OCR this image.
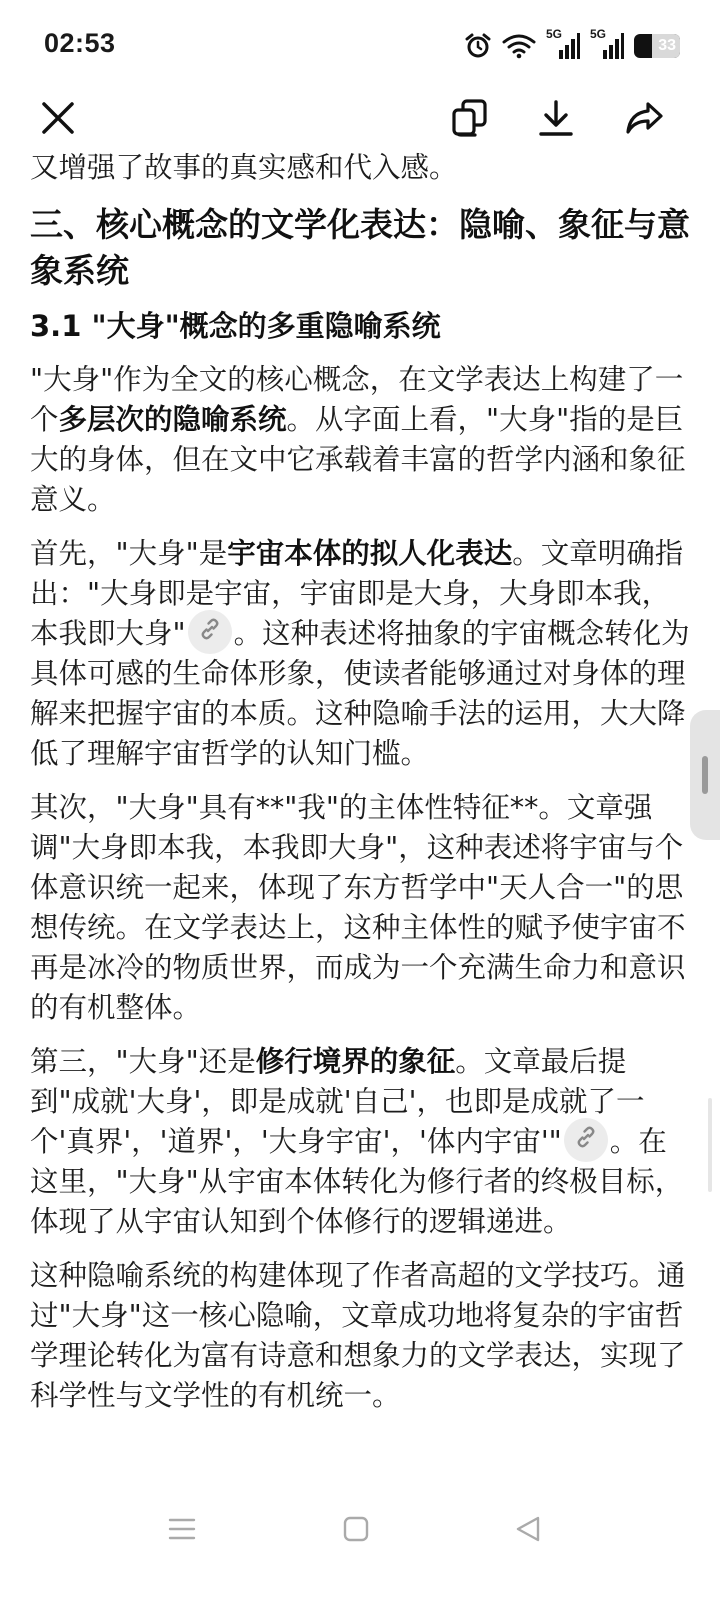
02:53	5G 5G
33

又增强了故事的真实感和代入感。

三、核心概念的文学化表达：隐喻、象征与意象系统
3.1 "大身"概念的多重隐喻系统

"大身"作为全文的核心概念，在文学表达上构建了一个多层次的隐喻系统。从字面上看，"大身"指的是巨大的身体，但在文中它承载着丰富的哲学内涵和象征意义。

首先，"大身"是宇宙本体的拟人化表达。文章明确指出："大身即是宇宙，宇宙即是大身，大身即本我，本我即大身" 。这种表述将抽象的宇宙概念转化为具体可感的生命体形象，使读者能够通过对身体的理解来把握宇宙的本质。这种隐喻手法的运用，大大降低了理解宇宙哲学的认知门槛。

其次，"大身"具有**"我"的主体性特征**。文章强调"大身即本我，本我即大身"，这种表述将宇宙与个体意识统一起来，体现了东方哲学中"天人合一"的思想传统。在文学表达上，这种主体性的赋予使宇宙不再是冰冷的物质世界，而成为一个充满生命力和意识的有机整体。

第三，"大身"还是修行境界的象征。文章最后提到"成就'大身'，即是成就'自己'，也即是成就了一个'真界'，'道界'，'大身宇宙'，'体内宇宙'" 。在这里，"大身"从宇宙本体转化为修行者的终极目标，体现了从宇宙认知到个体修行的逻辑递进。

这种隐喻系统的构建体现了作者高超的文学技巧。通过"大身"这一核心隐喻，文章成功地将复杂的宇宙哲学理论转化为富有诗意和想象力的文学表达，实现了科学性与文学性的有机统一。
